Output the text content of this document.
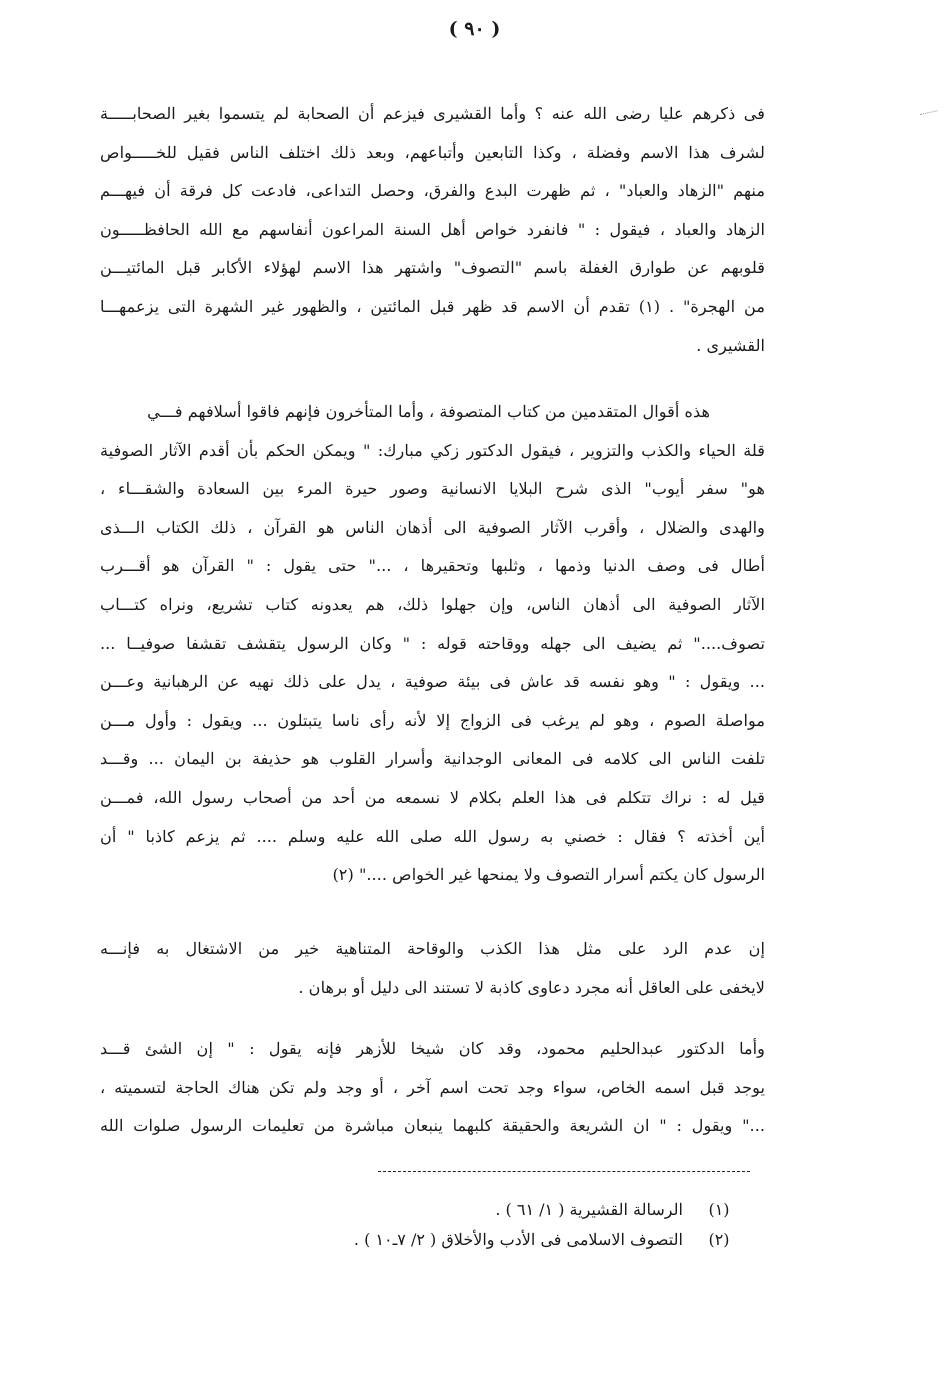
( ٩٠ )
فى ذكرهم عليا رضى الله عنه ؟ وأما القشيرى فيزعم أن الصحابة لم يتسموا بغير الصحابـــــة
لشرف هذا الاسم وفضلة ، وكذا التابعين وأتباعهم، وبعد ذلك اختلف الناس فقيل للخـــــواص
منهم "الزهاد والعباد" ، ثم ظهرت البدع والفرق، وحصل التداعى، فادعت كل فرقة أن فيهـــم
الزهاد والعباد ، فيقول : " فانفرد خواص أهل السنة المراعون أنفاسهم مع الله الحافظـــــون
قلوبهم عن طوارق الغفلة باسم "التصوف" واشتهر هذا الاسم لهؤلاء الأكابر قبل المائتيـــن
من الهجرة" . (١) تقدم أن الاسم قد ظهر قبل المائتين ، والظهور غير الشهرة التى يزعمهـــا
القشيرى .
هذه أقوال المتقدمين من كتاب المتصوفة ، وأما المتأخرون فإنهم فاقوا أسلافهم فـــي
قلة الحياء والكذب والتزوير ، فيقول الدكتور زكي مبارك: " ويمكن الحكم بأن أقدم الآثار الصوفية
هو" سفر أيوب" الذى شرح البلايا الانسانية وصور حيرة المرء بين السعادة والشقـــاء ،
والهدى والضلال ، وأقرب الآثار الصوفية الى أذهان الناس هو القرآن ، ذلك الكتاب الـــذى
أطال فى وصف الدنيا وذمها ، وثلبها وتحقيرها ، ..." حتى يقول : " القرآن هو أقـــرب
الآثار الصوفية الى أذهان الناس، وإن جهلوا ذلك، هم يعدونه كتاب تشريع، ونراه كتـــاب
تصوف...." ثم يضيف الى جهله ووقاحته قوله : " وكان الرسول يتقشف تقشفا صوفيــا ...
... ويقول : " وهو نفسه قد عاش فى بيئة صوفية ، يدل على ذلك نهيه عن الرهبانية وعـــن
مواصلة الصوم ، وهو لم يرغب فى الزواج إلا لأنه رأى ناسا يتبتلون ... ويقول : وأول مـــن
تلفت الناس الى كلامه فى المعانى الوجدانية وأسرار القلوب هو حذيفة بن اليمان ... وقـــد
قيل له : نراك تتكلم فى هذا العلم بكلام لا نسمعه من أحد من أصحاب رسول الله، فمـــن
أين أخذته ؟ فقال : خصني به رسول الله صلى الله عليه وسلم .... ثم يزعم كاذبا " أن
الرسول كان يكتم أسرار التصوف ولا يمنحها غير الخواص ...." (٢)
إن عدم الرد على مثل هذا الكذب والوقاحة المتناهية خير من الاشتغال به فإنـــه
لايخفى على العاقل أنه مجرد دعاوى كاذبة لا تستند الى دليل أو برهان .
وأما الدكتور عبدالحليم محمود، وقد كان شيخا للأزهر فإنه يقول : " إن الشئ قـــد
يوجد قبل اسمه الخاص، سواء وجد تحت اسم آخر ، أو وجد ولم تكن هناك الحاجة لتسميته ،
..." ويقول : " ان الشريعة والحقيقة كلبهما ينبعان مباشرة من تعليمات الرسول صلوات الله
(١) الرسالة القشيرية ( ١/ ٦١ ) .
(٢) التصوف الاسلامى فى الأدب والأخلاق ( ٢/ ٧ـ١٠ ) .
